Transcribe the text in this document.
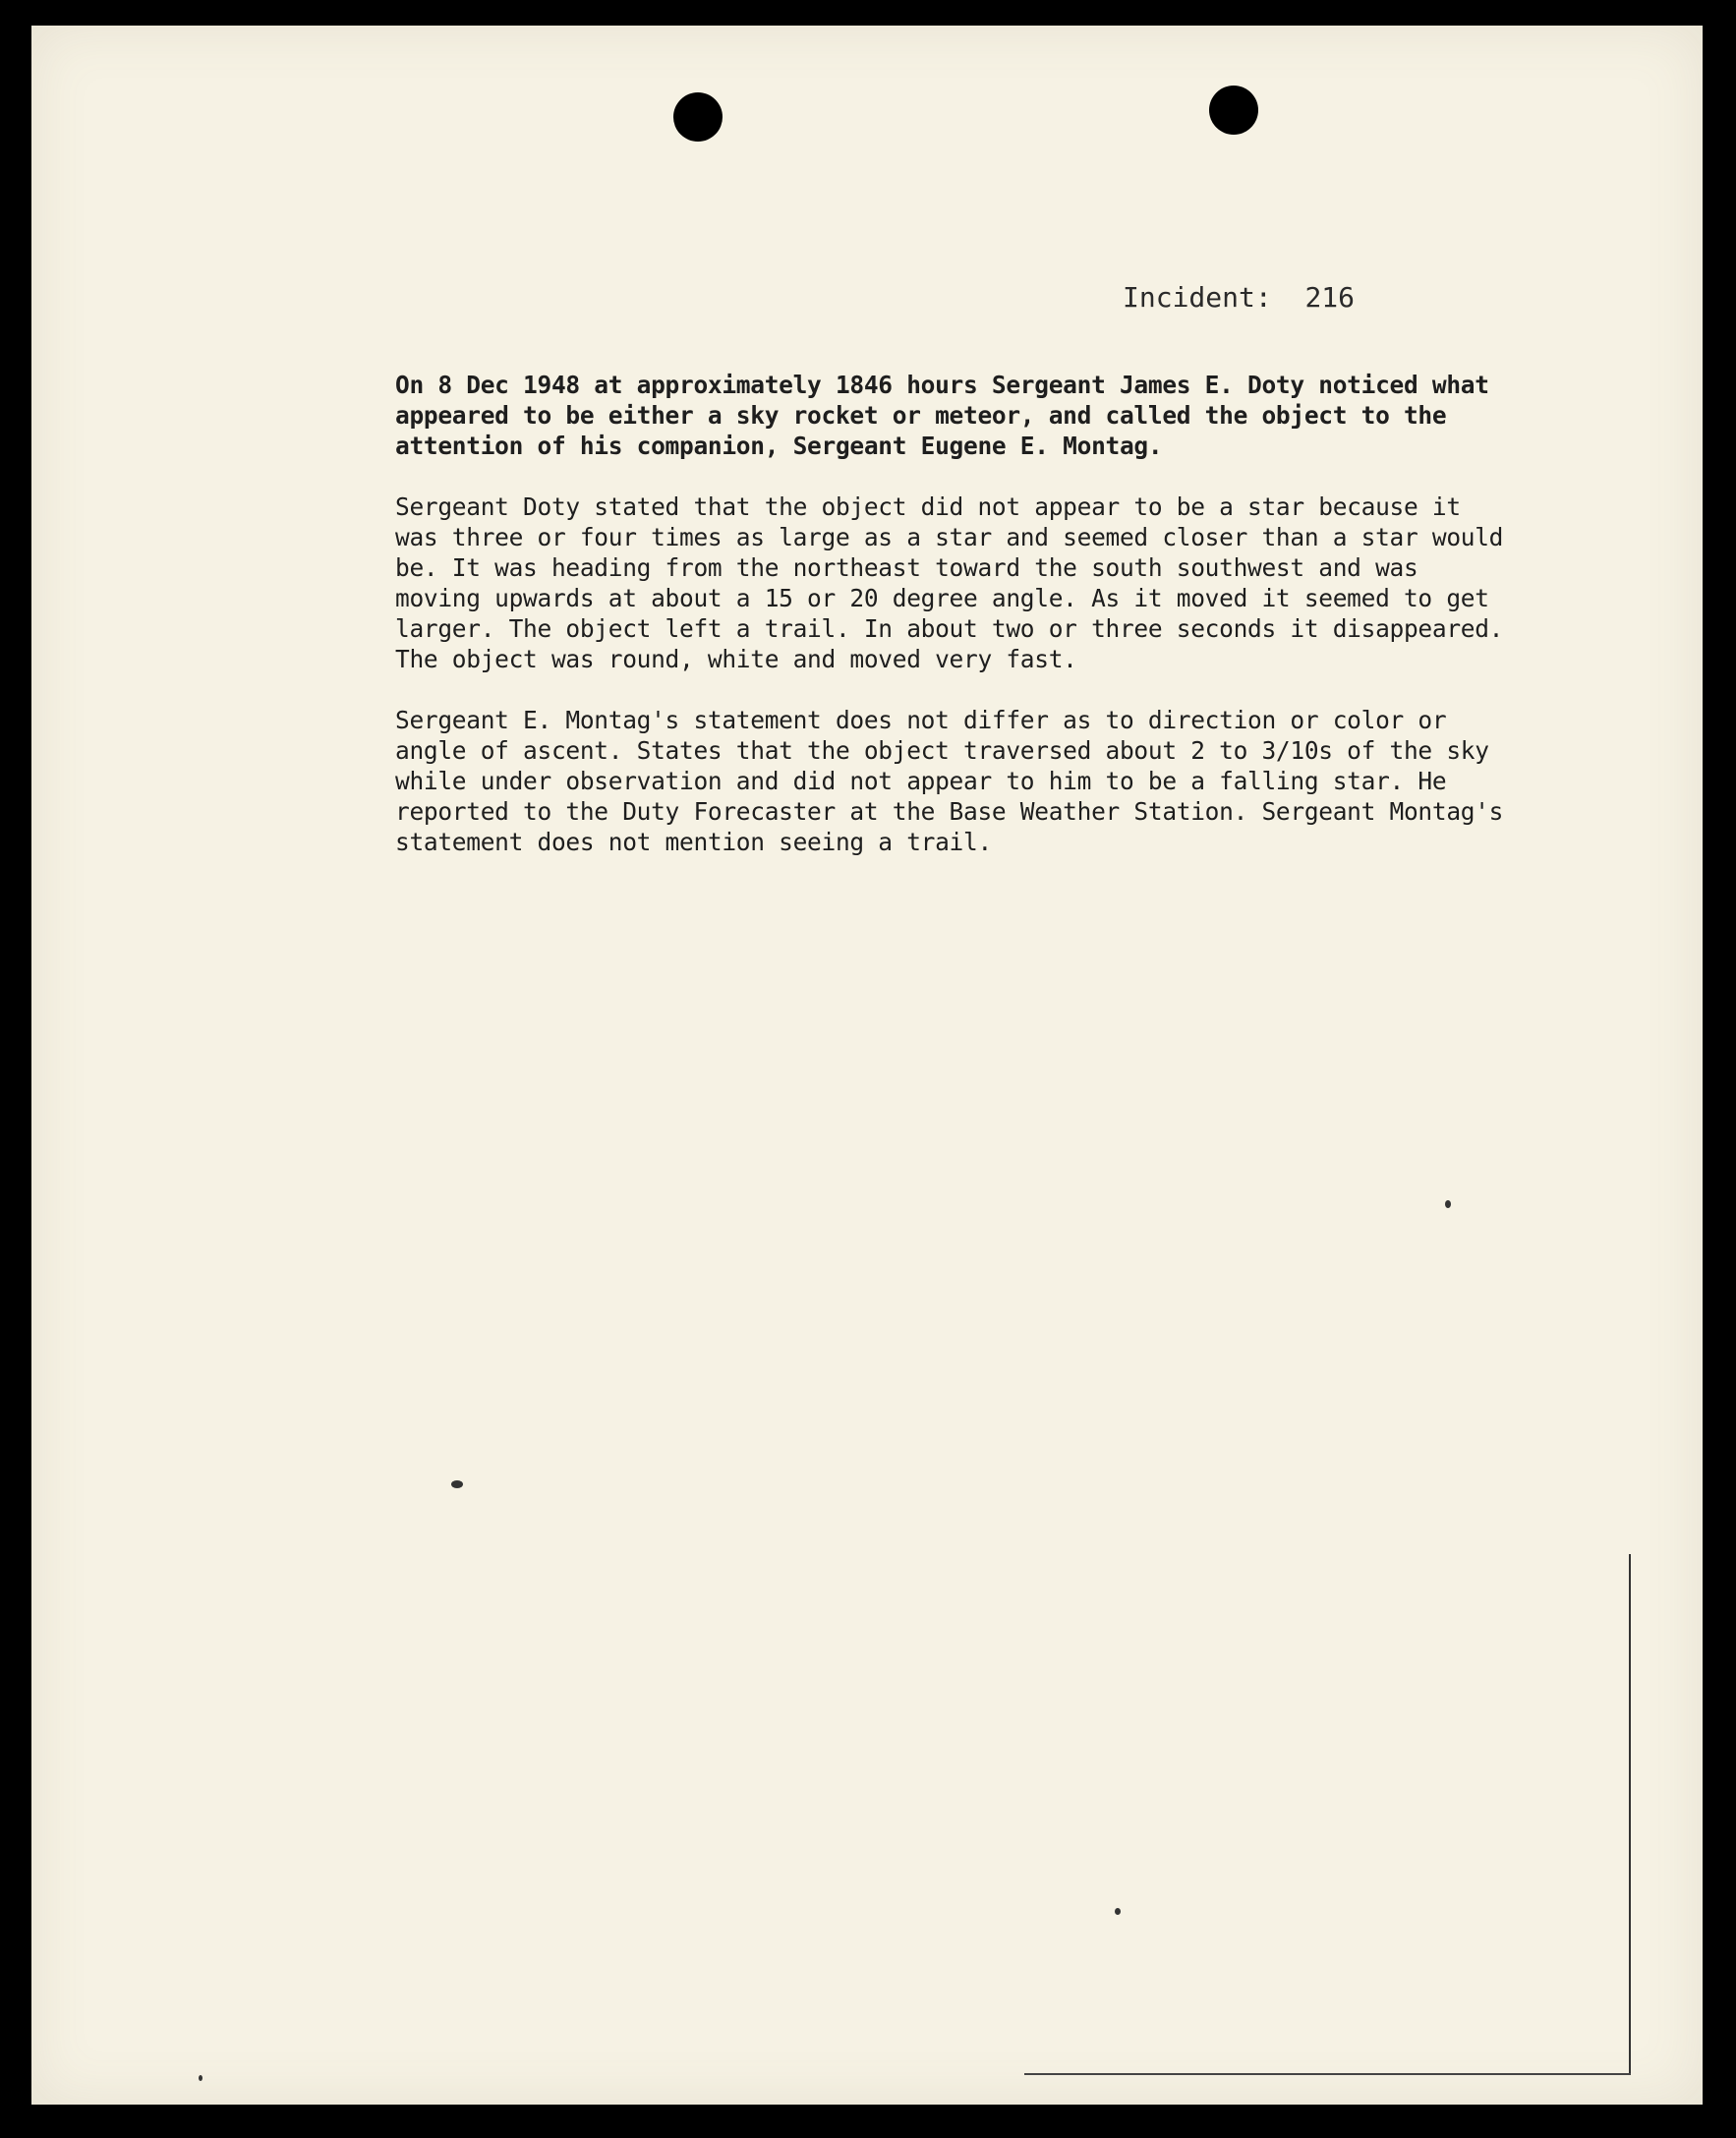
Incident: 216

On 8 Dec 1948 at approximately 1846 hours Sergeant James E. Doty noticed what appeared to be either a sky rocket or meteor, and called the object to the attention of his companion, Sergeant Eugene E. Montag.

Sergeant Doty stated that the object did not appear to be a star because it was three or four times as large as a star and seemed closer than a star would be. It was heading from the northeast toward the south southwest and was moving upwards at about a 15 or 20 degree angle. As it moved it seemed to get larger. The object left a trail. In about two or three seconds it disappeared. The object was round, white and moved very fast.

Sergeant E. Montag's statement does not differ as to direction or color or angle of ascent. States that the object traversed about 2 to 3/10s of the sky while under observation and did not appear to him to be a falling star. He reported to the Duty Forecaster at the Base Weather Station. Sergeant Montag's statement does not mention seeing a trail.
